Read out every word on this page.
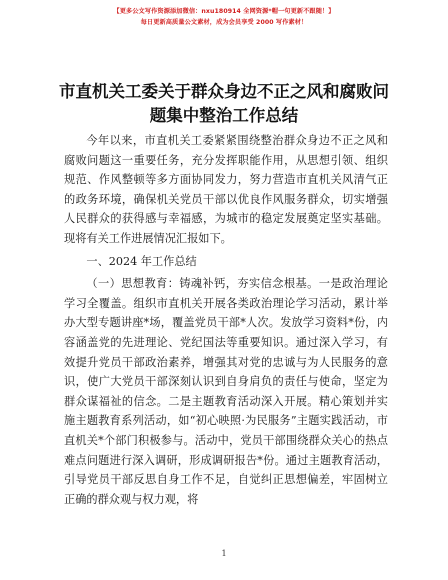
【更多公文写作资源添加微信：nxu180914 全网资源*帽一句更新不跟随！】
每日更新高质量公文素材，成为会员享受 2000 写作素材！
市直机关工委关于群众身边不正之风和腐败问
题集中整治工作总结

今年以来，市直机关工委紧紧围绕整治群众身边不正之风和腐败问题这一重要任务，充分发挥职能作用，从思想引领、组织规范、作风整顿等多方面协同发力，努力营造市直机关风清气正的政务环境，确保机关党员干部以优良作风服务群众，切实增强人民群众的获得感与幸福感，为城市的稳定发展奠定坚实基础。现将有关工作进展情况汇报如下。

一、2024 年工作总结

（一）思想教育：铸魂补钙，夯实信念根基。一是政治理论学习全覆盖。组织市直机关开展各类政治理论学习活动，累计举办大型专题讲座*场，覆盖党员干部*人次。发放学习资料*份，内容涵盖党的先进理论、党纪国法等重要知识。通过深入学习，有效提升党员干部政治素养，增强其对党的忠诚与为人民服务的意识，使广大党员干部深刻认识到自身肩负的责任与使命，坚定为群众谋福祉的信念。二是主题教育活动深入开展。精心策划并实施主题教育系列活动，如“初心映照·为民服务”主题实践活动，市直机关*个部门积极参与。活动中，党员干部围绕群众关心的热点难点问题进行深入调研，形成调研报告*份。通过主题教育活动，引导党员干部反思自身工作不足，自觉纠正思想偏差，牢固树立正确的群众观与权力观，将

1
